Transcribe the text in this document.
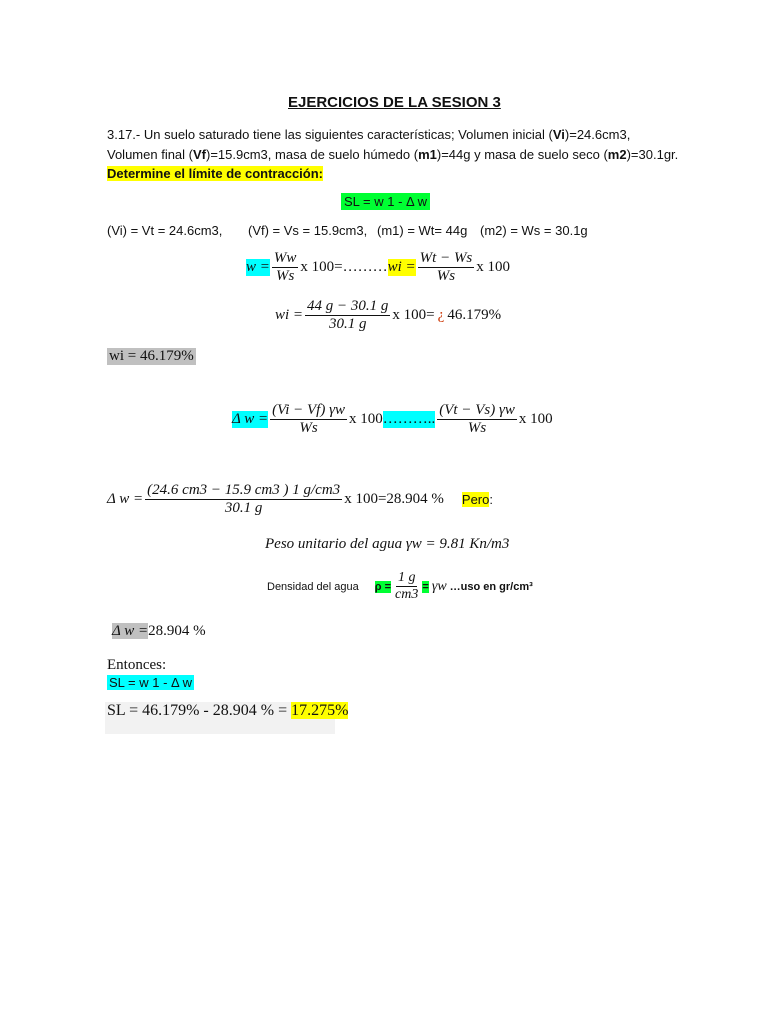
EJERCICIOS DE LA SESION 3
3.17.- Un suelo saturado tiene las siguientes características; Volumen inicial (Vi)=24.6cm3,
Volumen final (Vf)=15.9cm3, masa de suelo húmedo (m1)=44g y masa de suelo seco (m2)=30.1gr.
Determine el límite de contracción:
SL = w 1 - Δ w
(Vi) = Vt = 24.6cm3, (Vf) = Vs = 15.9cm3, (m1) = Wt= 44g (m2) = Ws = 30.1g
$w = \frac{Ww}{Ws}$ x 100=……… wi = $\frac{Wt - Ws}{Ws}$ x 100
wi = $\frac{44 g - 30.1 g}{30.1 g}$ x 100= ¿ 46.179%
wi = 46.179%
Δ $w = \frac{(Vi - Vf) \gamma w}{Ws}$ x 100 ……….. $\frac{(Vt - Vs) \gamma w}{Ws}$ x 100
Δ $w = \frac{(24.6 cm3 - 15.9 cm3 ) 1 g/cm3}{30.1 g}$ x 100=28.904 % Pero:
Peso unitario del agua γw = 9.81 Kn/m3
Densidad del agua $\rho = \frac{1 g}{cm3} = \gamma w$ …uso en gr/cm³
Δ w =28.904 %
Entonces:
SL = w 1 - Δ w
SL = 46.179% - 28.904 % = 17.275%
